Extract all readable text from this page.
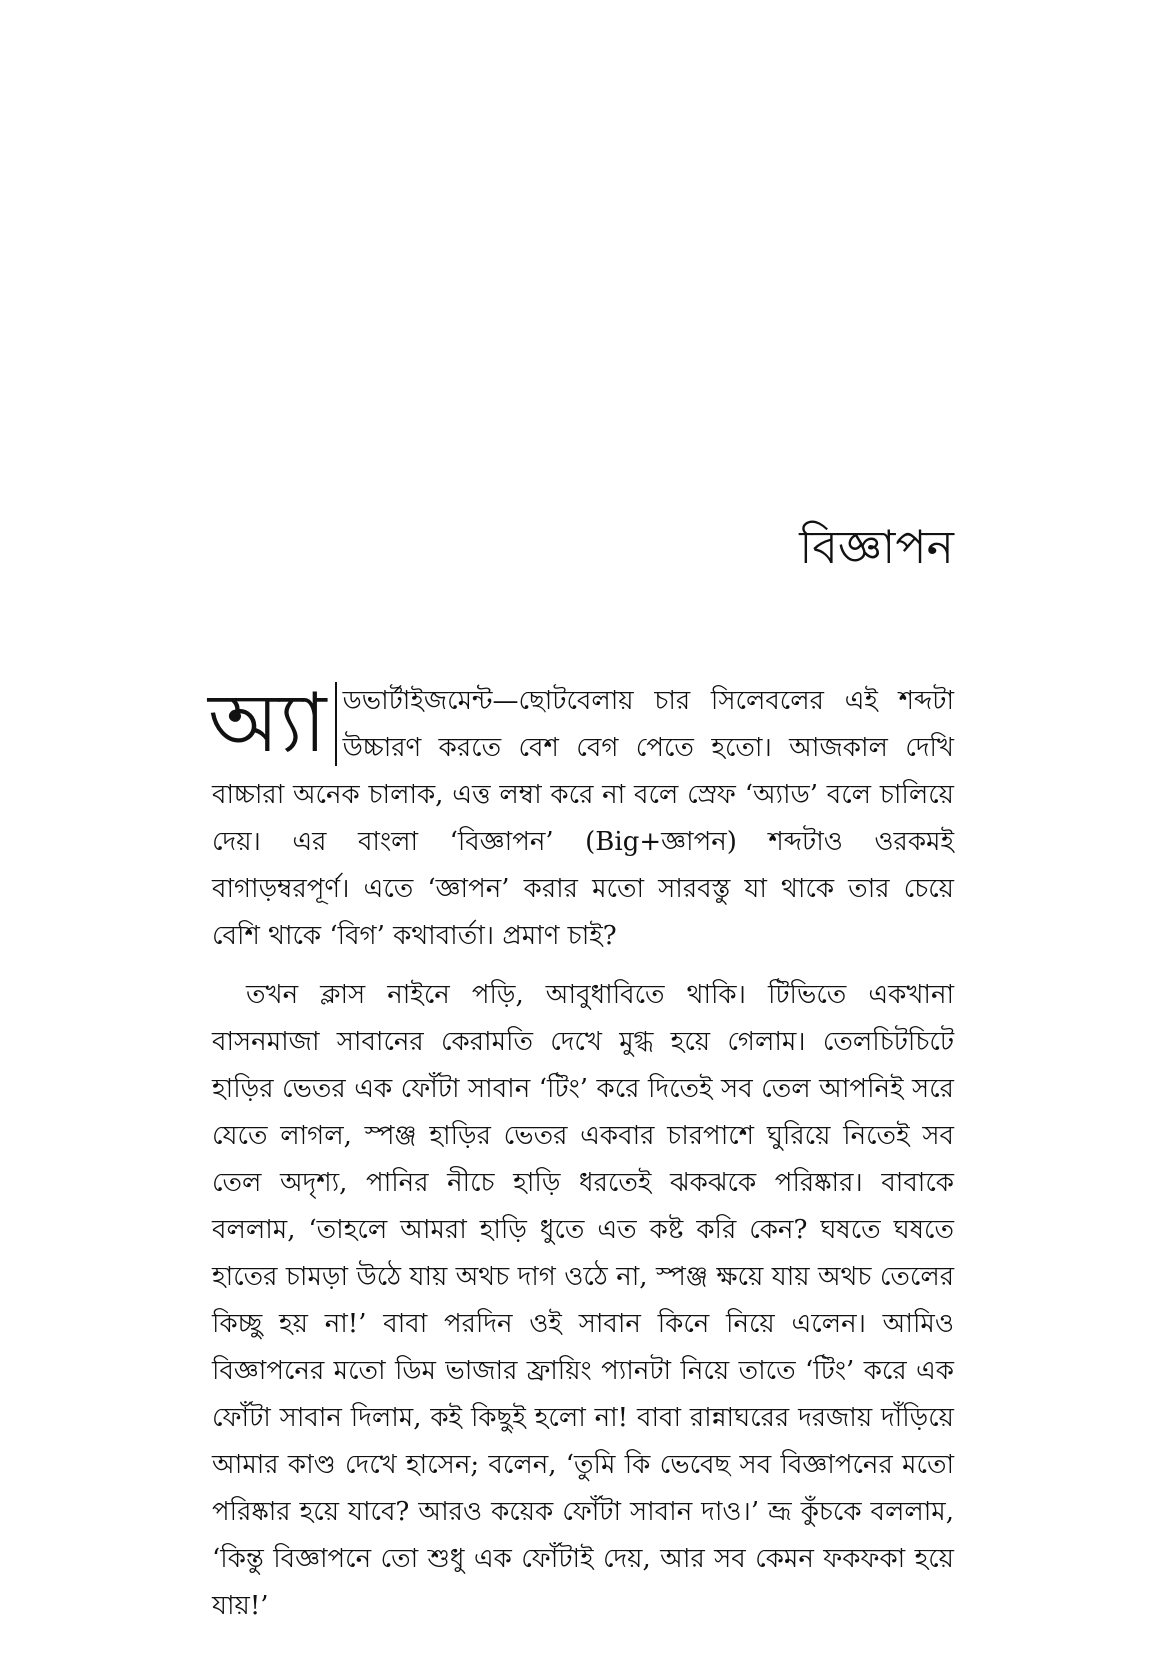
বিজ্ঞাপন

অ্যা ডভার্টাইজমেন্ট—ছোটবেলায় চার সিলেবলের এই শব্দটা উচ্চারণ করতে বেশ বেগ পেতে হতো। আজকাল দেখি বাচ্চারা অনেক চালাক, এত্ত লম্বা করে না বলে স্রেফ ‘অ্যাড’ বলে চালিয়ে দেয়। এর বাংলা ‘বিজ্ঞাপন’ (Big+জ্ঞাপন) শব্দটাও ওরকমই বাগাড়ম্বরপূর্ণ। এতে ‘জ্ঞাপন’ করার মতো সারবস্তু যা থাকে তার চেয়ে বেশি থাকে ‘বিগ’ কথাবার্তা। প্রমাণ চাই?

তখন ক্লাস নাইনে পড়ি, আবুধাবিতে থাকি। টিভিতে একখানা বাসনমাজা সাবানের কেরামতি দেখে মুগ্ধ হয়ে গেলাম। তেলচিটচিটে হাড়ির ভেতর এক ফোঁটা সাবান ‘টিং’ করে দিতেই সব তেল আপনিই সরে যেতে লাগল, স্পঞ্জ হাড়ির ভেতর একবার চারপাশে ঘুরিয়ে নিতেই সব তেল অদৃশ্য, পানির নীচে হাড়ি ধরতেই ঝকঝকে পরিষ্কার। বাবাকে বললাম, ‘তাহলে আমরা হাড়ি ধুতে এত কষ্ট করি কেন? ঘষতে ঘষতে হাতের চামড়া উঠে যায় অথচ দাগ ওঠে না, স্পঞ্জ ক্ষয়ে যায় অথচ তেলের কিচ্ছু হয় না!’ বাবা পরদিন ওই সাবান কিনে নিয়ে এলেন। আমিও বিজ্ঞাপনের মতো ডিম ভাজার ফ্রায়িং প্যানটা নিয়ে তাতে ‘টিং’ করে এক ফোঁটা সাবান দিলাম, কই কিছুই হলো না! বাবা রান্নাঘরের দরজায় দাঁড়িয়ে আমার কাণ্ড দেখে হাসেন; বলেন, ‘তুমি কি ভেবেছ সব বিজ্ঞাপনের মতো পরিষ্কার হয়ে যাবে? আরও কয়েক ফোঁটা সাবান দাও।’ ভ্রূ কুঁচকে বললাম, ‘কিন্তু বিজ্ঞাপনে তো শুধু এক ফোঁটাই দেয়, আর সব কেমন ফকফকা হয়ে যায়!’
